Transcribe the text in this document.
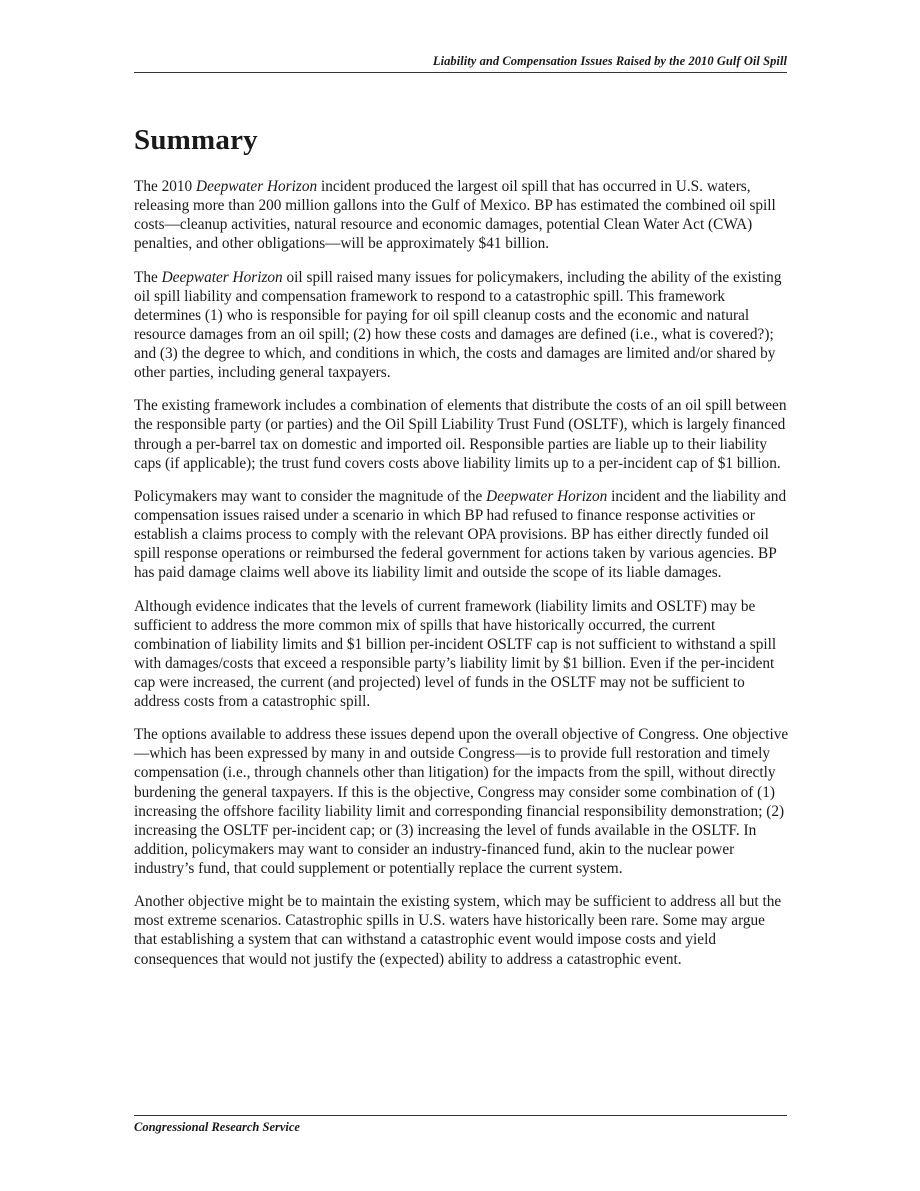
Liability and Compensation Issues Raised by the 2010 Gulf Oil Spill
Summary

The 2010 Deepwater Horizon incident produced the largest oil spill that has occurred in U.S. waters, releasing more than 200 million gallons into the Gulf of Mexico. BP has estimated the combined oil spill costs—cleanup activities, natural resource and economic damages, potential Clean Water Act (CWA) penalties, and other obligations—will be approximately $41 billion.

The Deepwater Horizon oil spill raised many issues for policymakers, including the ability of the existing oil spill liability and compensation framework to respond to a catastrophic spill. This framework determines (1) who is responsible for paying for oil spill cleanup costs and the economic and natural resource damages from an oil spill; (2) how these costs and damages are defined (i.e., what is covered?); and (3) the degree to which, and conditions in which, the costs and damages are limited and/or shared by other parties, including general taxpayers.

The existing framework includes a combination of elements that distribute the costs of an oil spill between the responsible party (or parties) and the Oil Spill Liability Trust Fund (OSLTF), which is largely financed through a per-barrel tax on domestic and imported oil. Responsible parties are liable up to their liability caps (if applicable); the trust fund covers costs above liability limits up to a per-incident cap of $1 billion.

Policymakers may want to consider the magnitude of the Deepwater Horizon incident and the liability and compensation issues raised under a scenario in which BP had refused to finance response activities or establish a claims process to comply with the relevant OPA provisions. BP has either directly funded oil spill response operations or reimbursed the federal government for actions taken by various agencies. BP has paid damage claims well above its liability limit and outside the scope of its liable damages.

Although evidence indicates that the levels of current framework (liability limits and OSLTF) may be sufficient to address the more common mix of spills that have historically occurred, the current combination of liability limits and $1 billion per-incident OSLTF cap is not sufficient to withstand a spill with damages/costs that exceed a responsible party’s liability limit by $1 billion. Even if the per-incident cap were increased, the current (and projected) level of funds in the OSLTF may not be sufficient to address costs from a catastrophic spill.

The options available to address these issues depend upon the overall objective of Congress. One objective—which has been expressed by many in and outside Congress—is to provide full restoration and timely compensation (i.e., through channels other than litigation) for the impacts from the spill, without directly burdening the general taxpayers. If this is the objective, Congress may consider some combination of (1) increasing the offshore facility liability limit and corresponding financial responsibility demonstration; (2) increasing the OSLTF per-incident cap; or (3) increasing the level of funds available in the OSLTF. In addition, policymakers may want to consider an industry-financed fund, akin to the nuclear power industry’s fund, that could supplement or potentially replace the current system.

Another objective might be to maintain the existing system, which may be sufficient to address all but the most extreme scenarios. Catastrophic spills in U.S. waters have historically been rare. Some may argue that establishing a system that can withstand a catastrophic event would impose costs and yield consequences that would not justify the (expected) ability to address a catastrophic event.

Congressional Research Service
